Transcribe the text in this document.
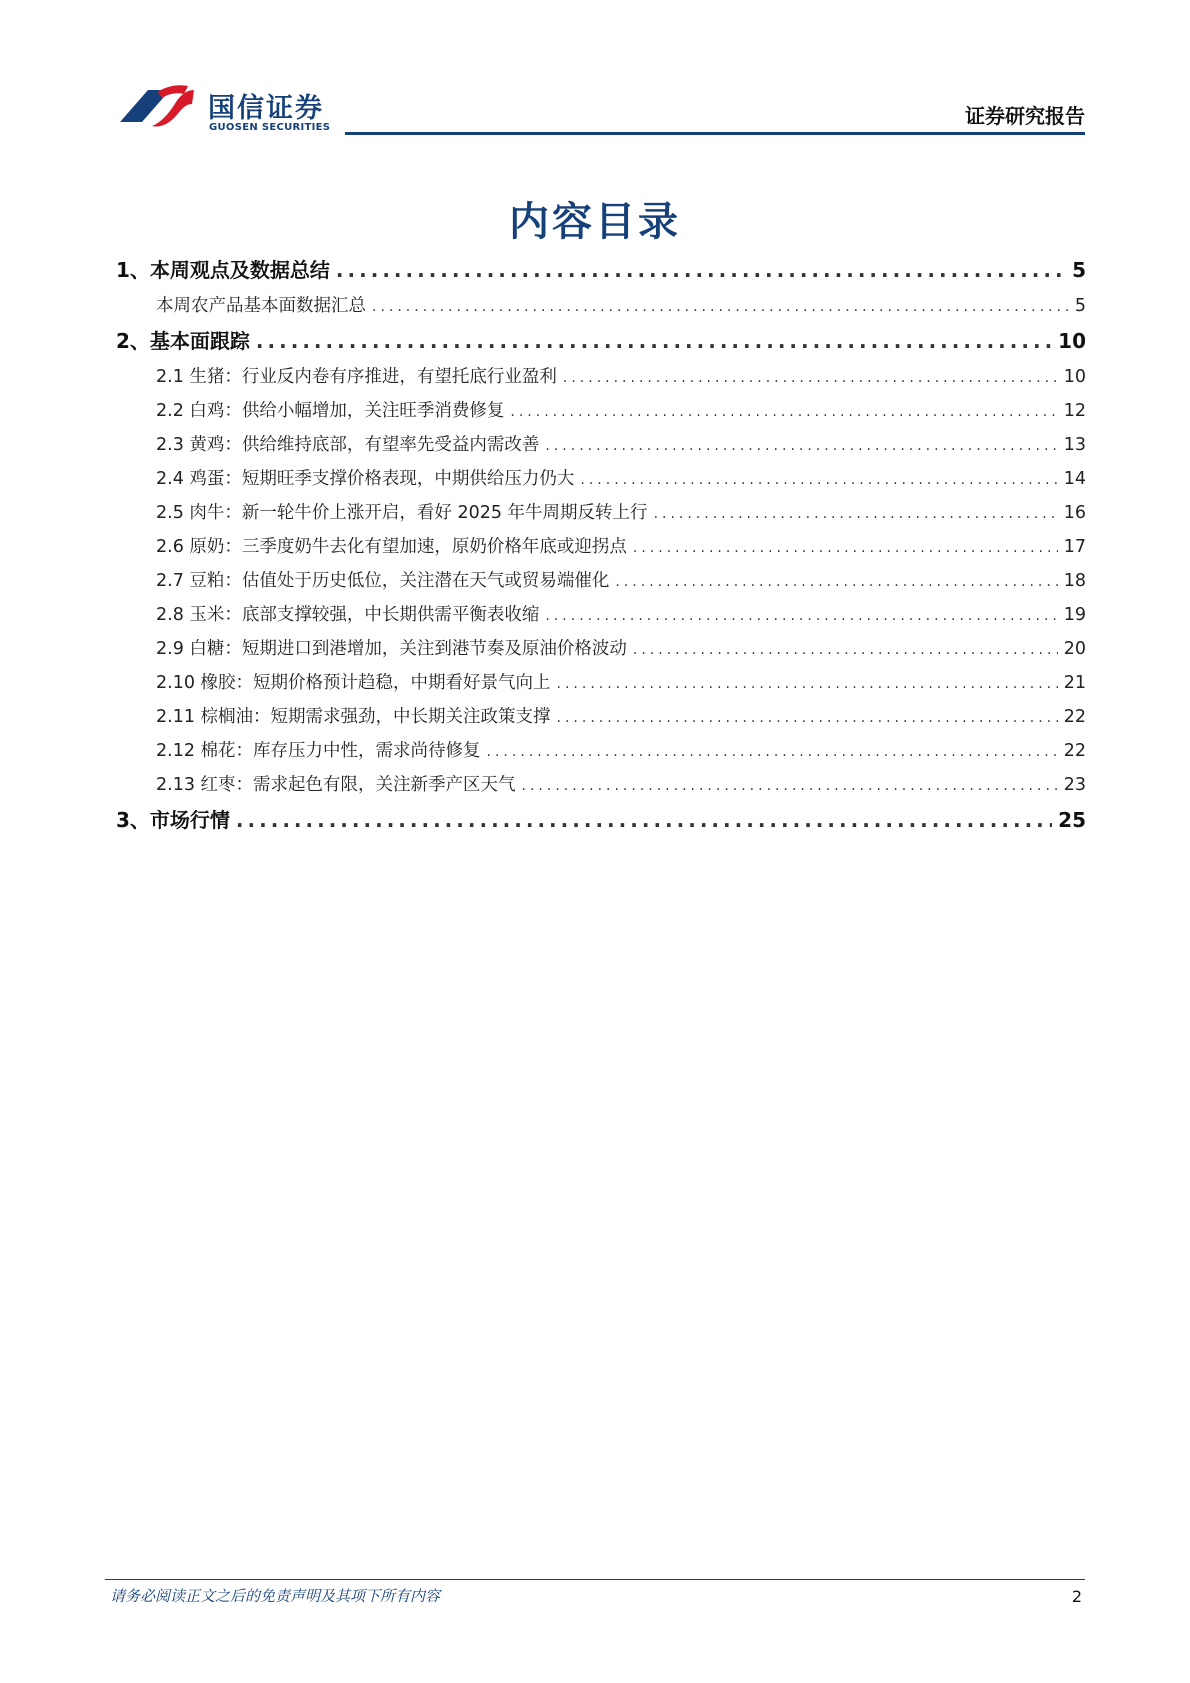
国信证券
GUOSEN SECURITIES	证券研究报告
内容目录
1、本周观点及数据总结 .....	5
本周农产品基本面数据汇总 .....	5
2、基本面跟踪 .....	10
2.1 生猪：行业反内卷有序推进，有望托底行业盈利 .....	10
2.2 白鸡：供给小幅增加，关注旺季消费修复 .....	12
2.3 黄鸡：供给维持底部，有望率先受益内需改善 .....	13
2.4 鸡蛋：短期旺季支撑价格表现，中期供给压力仍大 .....	14
2.5 肉牛：新一轮牛价上涨开启，看好 2025 年牛周期反转上行 .....	16
2.6 原奶：三季度奶牛去化有望加速，原奶价格年底或迎拐点 .....	17
2.7 豆粕：估值处于历史低位，关注潜在天气或贸易端催化 .....	18
2.8 玉米：底部支撑较强，中长期供需平衡表收缩 .....	19
2.9 白糖：短期进口到港增加，关注到港节奏及原油价格波动 .....	20
2.10 橡胶：短期价格预计趋稳，中期看好景气向上 .....	21
2.11 棕榈油：短期需求强劲，中长期关注政策支撑 .....	22
2.12 棉花：库存压力中性，需求尚待修复 .....	22
2.13 红枣：需求起色有限，关注新季产区天气 .....	23
3、市场行情 .....	25
请务必阅读正文之后的免责声明及其项下所有内容	2
